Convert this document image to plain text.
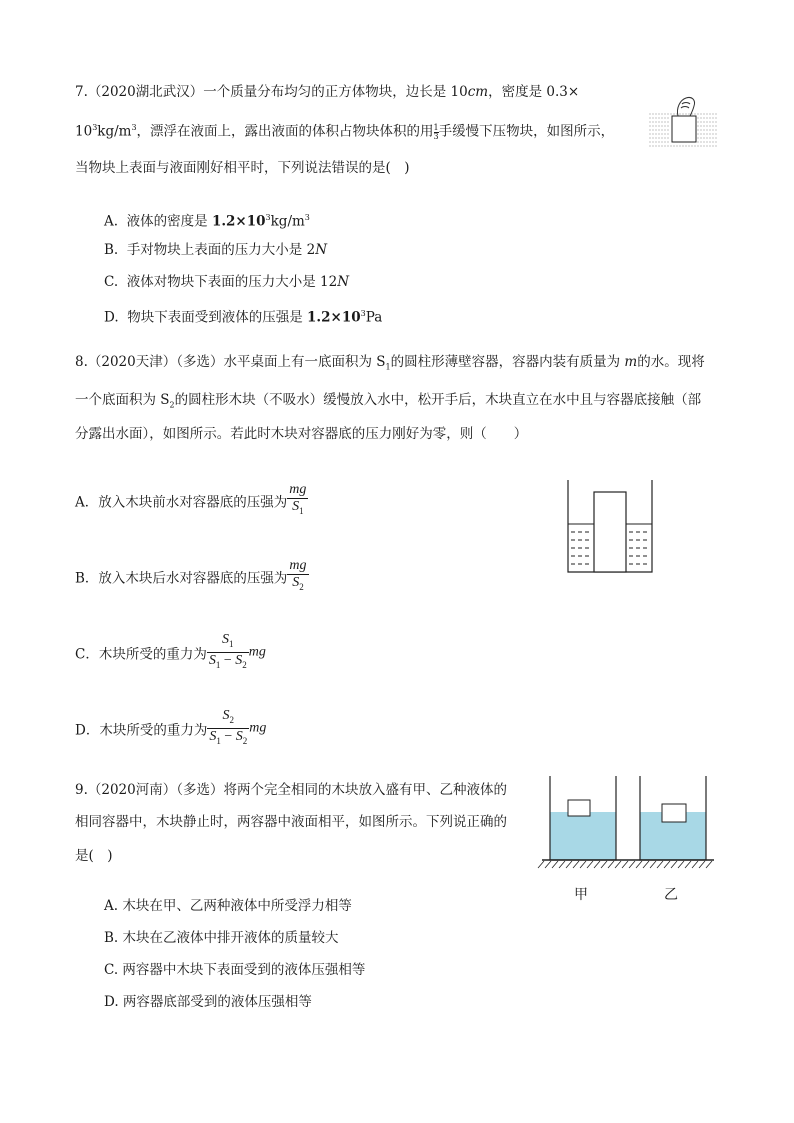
7.（2020湖北武汉）一个质量分布均匀的正方体物块，边长是 10cm，密度是 0.3×
$10^3kg/m^3$，漂浮在液面上，露出液面的体积占物块体积的用 $\frac{1}{3}$ 手缓慢下压物块，如图所示，
当物块上表面与液面刚好相平时，下列说法错误的是(　)
A. 液体的密度是 $1.2\times 10^3kg/m^3$
B. 手对物块上表面的压力大小是 2N
C. 液体对物块下表面的压力大小是 12N
D. 物块下表面受到液体的压强是 $1.2\times 10^3Pa$
8.（2020天津）（多选）水平桌面上有一底面积为 $S_1$的圆柱形薄壁容器，容器内装有质量为 m的水。现将
一个底面积为 $S_2$的圆柱形木块（不吸水）缓慢放入水中，松开手后，木块直立在水中且与容器底接触（部
分露出水面），如图所示。若此时木块对容器底的压力刚好为零，则（　　）
A．放入木块前水对容器底的压强为 $\frac{mg}{S_1}$
B．放入木块后水对容器底的压强为 $\frac{mg}{S_2}$
C．木块所受的重力为 $\frac{S_1}{S_1 - S_2}$ mg
D．木块所受的重力为 $\frac{S_2}{S_1 - S_2}$ mg
9.（2020河南）（多选）将两个完全相同的木块放入盛有甲、乙种液体的
相同容器中，木块静止时，两容器中液面相平，如图所示。下列说正确的
是(　)
甲	乙
A. 木块在甲、乙两种液体中所受浮力相等
B. 木块在乙液体中排开液体的质量较大
C. 两容器中木块下表面受到的液体压强相等
D. 两容器底部受到的液体压强相等
